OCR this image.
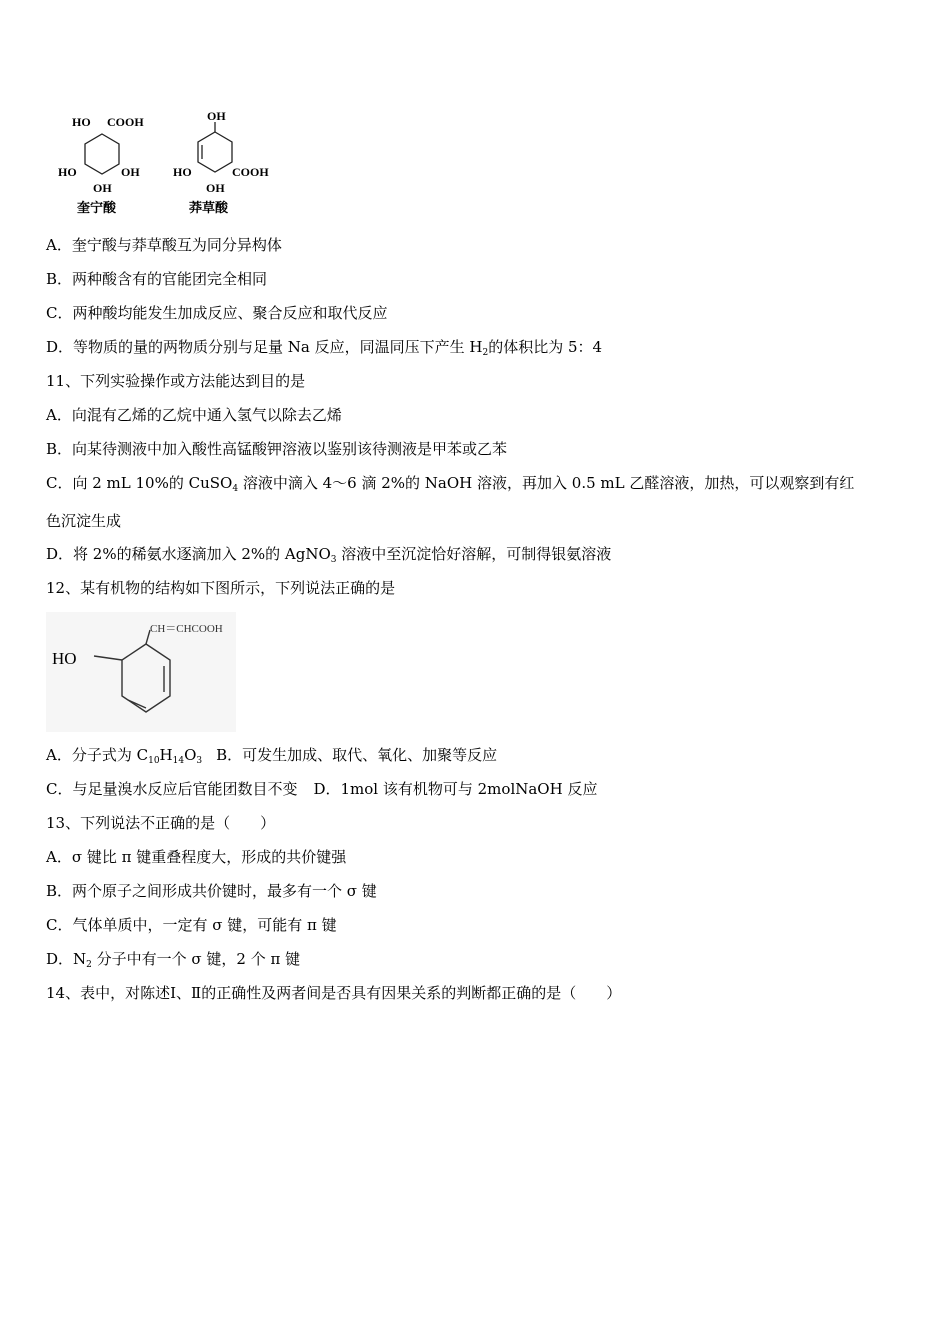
HO COOH
HO	OH
OH
奎宁酸
OH
HO	COOH
OH
莽草酸
A．奎宁酸与莽草酸互为同分异构体
B．两种酸含有的官能团完全相同
C．两种酸均能发生加成反应、聚合反应和取代反应
D．等物质的量的两物质分别与足量 Na 反应，同温同压下产生 $H_2$的体积比为 5：4
11、下列实验操作或方法能达到目的是
A．向混有乙烯的乙烷中通入氢气以除去乙烯
B．向某待测液中加入酸性高锰酸钾溶液以鉴别该待测液是甲苯或乙苯
C．向 2 mL 10%的 CuSO$_4$ 溶液中滴入 4～6 滴 2%的 NaOH 溶液，再加入 0.5 mL 乙醛溶液，加热，可以观察到有红
色沉淀生成
D．将 2%的稀氨水逐滴加入 2%的 AgNO$_3$ 溶液中至沉淀恰好溶解，可制得银氨溶液
12、某有机物的结构如下图所示，下列说法正确的是
HO
CH＝CHCOOH
A．分子式为 $C_{10}H_{14}O_3$ B．可发生加成、取代、氧化、加聚等反应
C．与足量溴水反应后官能团数目不变 D．1mol 该有机物可与 2molNaOH 反应
13、下列说法不正确的是（　　）
A．σ 键比 π 键重叠程度大，形成的共价键强
B．两个原子之间形成共价键时，最多有一个 σ 键
C．气体单质中，一定有 σ 键，可能有 π 键
D．$N_2$ 分子中有一个 σ 键，2 个 π 键
14、表中，对陈述Ⅰ、Ⅱ的正确性及两者间是否具有因果关系的判断都正确的是（　　）
